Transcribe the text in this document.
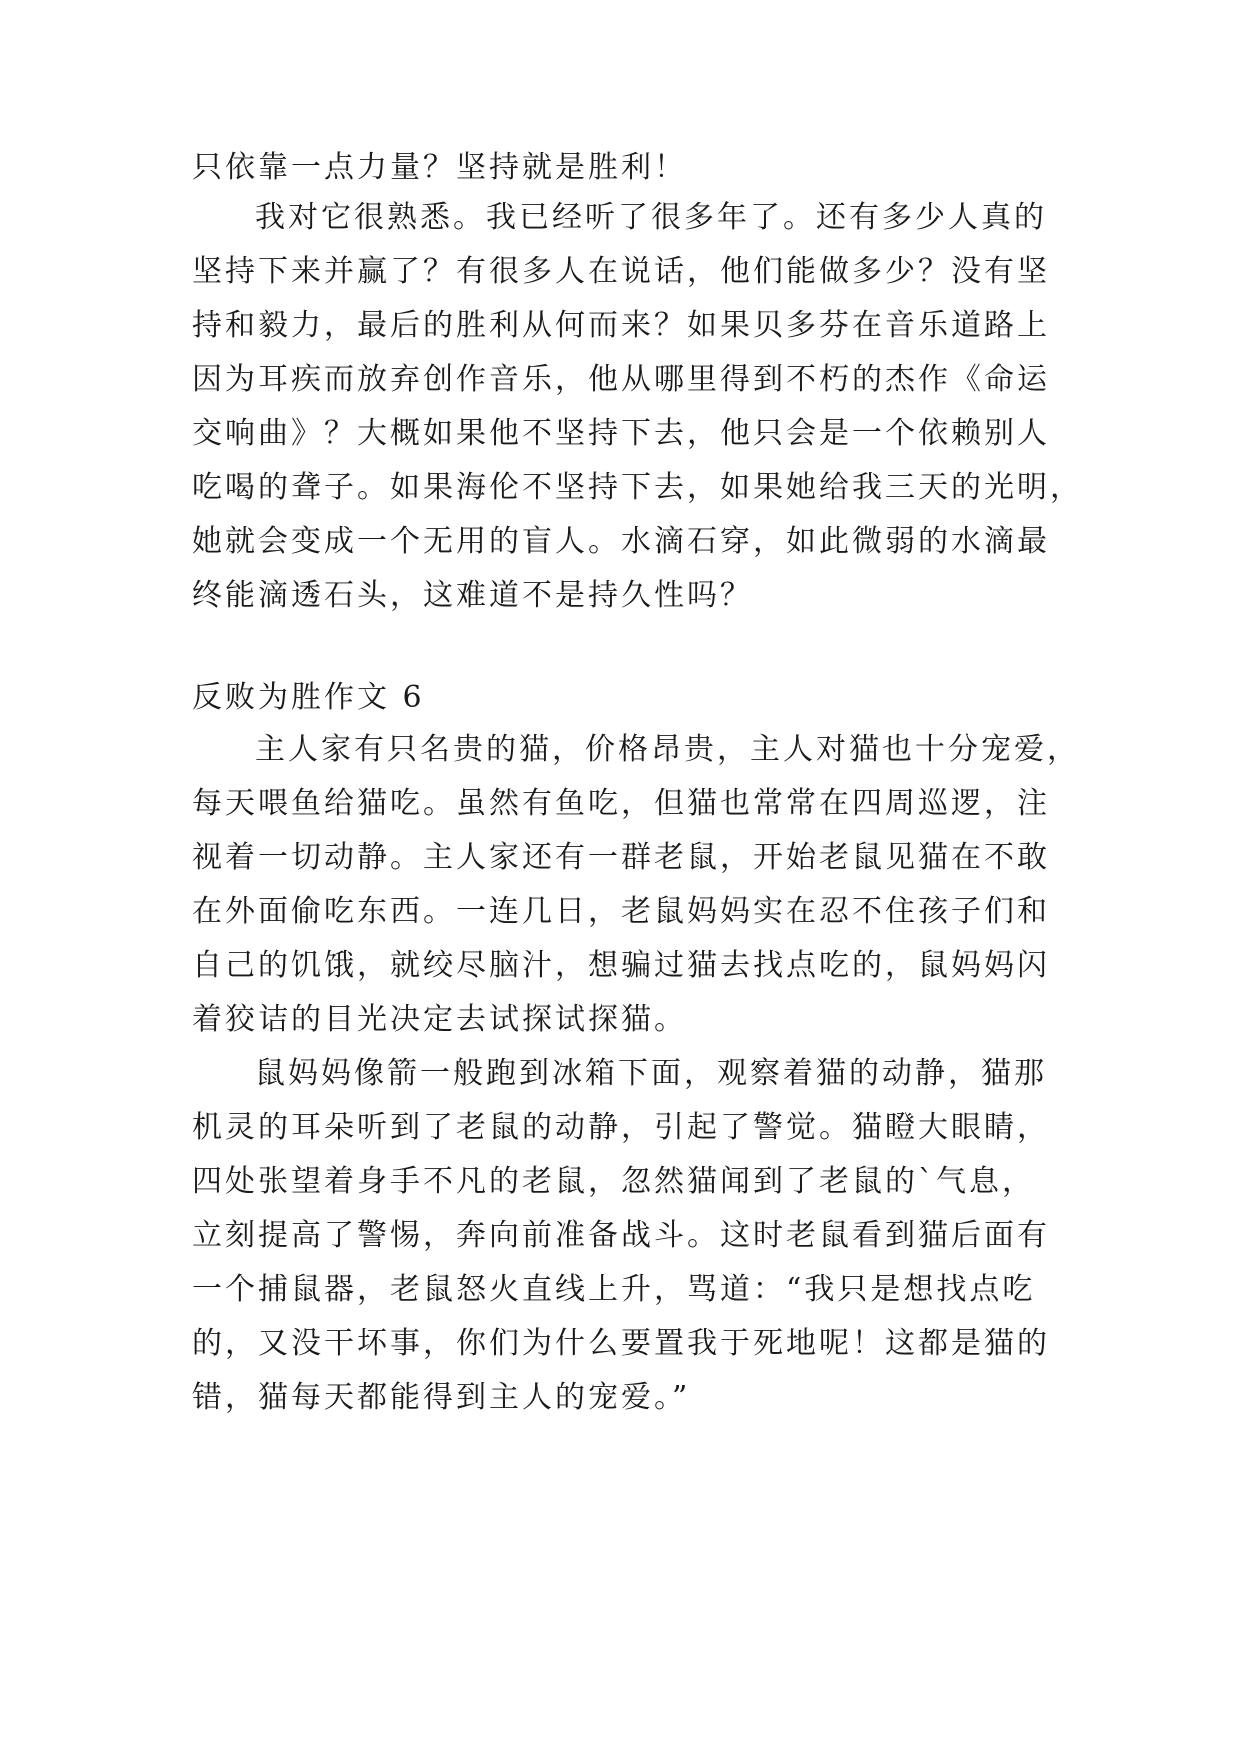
只依靠一点力量？坚持就是胜利！
我对它很熟悉。我已经听了很多年了。还有多少人真的
坚持下来并赢了？有很多人在说话，他们能做多少？没有坚
持和毅力，最后的胜利从何而来？如果贝多芬在音乐道路上
因为耳疾而放弃创作音乐，他从哪里得到不朽的杰作《命运
交响曲》？大概如果他不坚持下去，他只会是一个依赖别人
吃喝的聋子。如果海伦不坚持下去，如果她给我三天的光明，
她就会变成一个无用的盲人。水滴石穿，如此微弱的水滴最
终能滴透石头，这难道不是持久性吗？
反败为胜作文 6
主人家有只名贵的猫，价格昂贵，主人对猫也十分宠爱，
每天喂鱼给猫吃。虽然有鱼吃，但猫也常常在四周巡逻，注
视着一切动静。主人家还有一群老鼠，开始老鼠见猫在不敢
在外面偷吃东西。一连几日，老鼠妈妈实在忍不住孩子们和
自己的饥饿，就绞尽脑汁，想骗过猫去找点吃的，鼠妈妈闪
着狡诘的目光决定去试探试探猫。
鼠妈妈像箭一般跑到冰箱下面，观察着猫的动静，猫那
机灵的耳朵听到了老鼠的动静，引起了警觉。猫瞪大眼睛，
四处张望着身手不凡的老鼠，忽然猫闻到了老鼠的`气息，
立刻提高了警惕，奔向前准备战斗。这时老鼠看到猫后面有
一个捕鼠器，老鼠怒火直线上升，骂道：“我只是想找点吃
的，又没干坏事，你们为什么要置我于死地呢！这都是猫的
错，猫每天都能得到主人的宠爱。”
